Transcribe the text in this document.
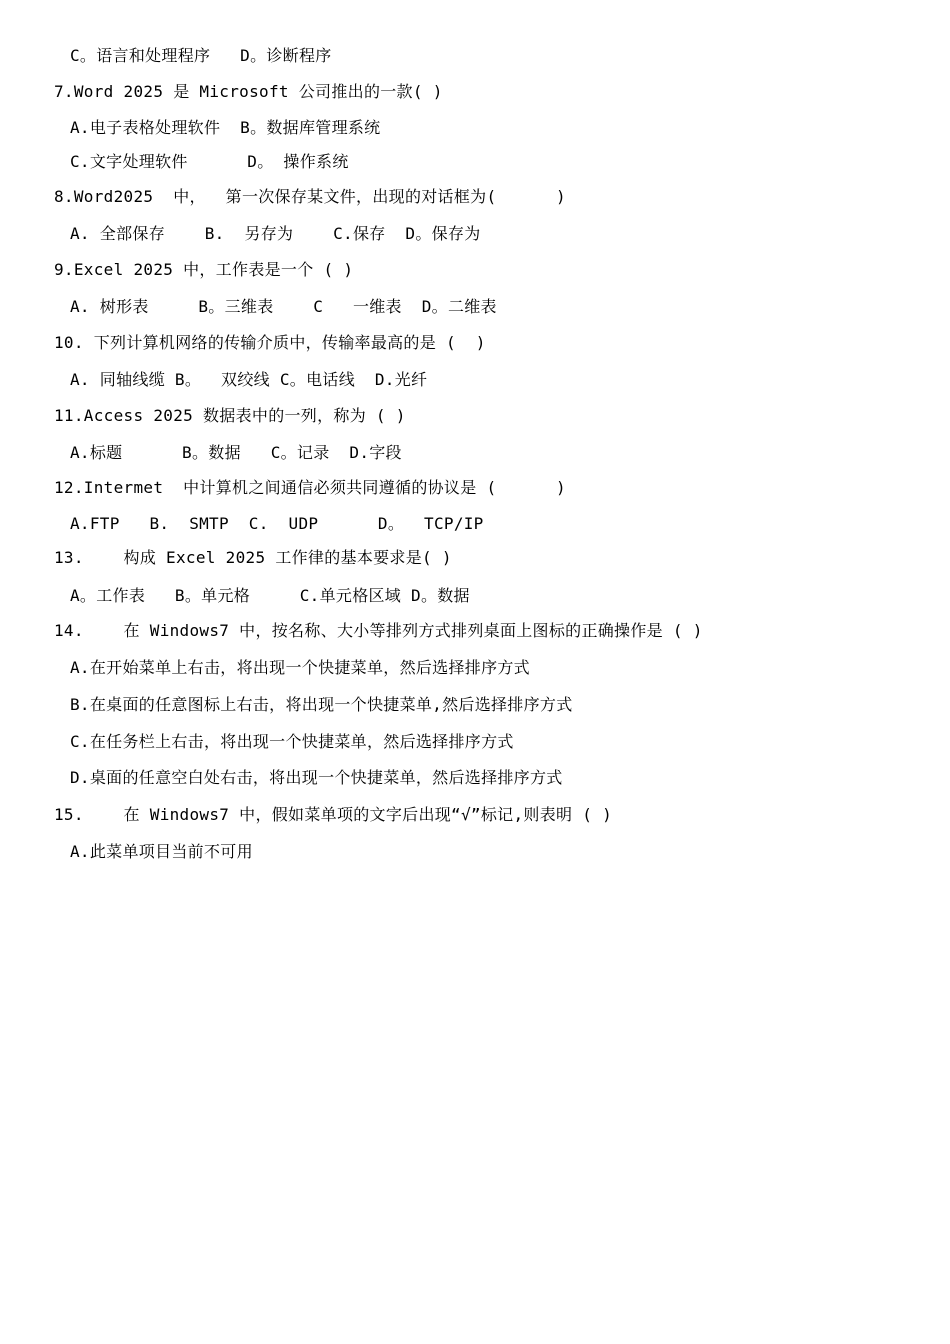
C。语言和处理程序   D。诊断程序
7.Word 2025 是 Microsoft 公司推出的一款( )
A.电子表格处理软件  B。数据库管理系统
C.文字处理软件      D。 操作系统
8.Word2025  中，  第一次保存某文件，出现的对话框为(      )
A. 全部保存    B.  另存为    C.保存  D。保存为
9.Excel 2025 中，工作表是一个 ( )
A. 树形表     B。三维表    C   一维表  D。二维表
10. 下列计算机网络的传输介质中，传输率最高的是 (  )
A. 同轴线缆 B。  双绞线 C。电话线  D.光纤
11.Access 2025 数据表中的一列，称为 ( )
A.标题      B。数据   C。记录  D.字段
12.Intermet  中计算机之间通信必须共同遵循的协议是 (      )
A.FTP   B.  SMTP  C.  UDP      D。  TCP/IP
13.    构成 Excel 2025 工作律的基本要求是( )
A。工作表   B。单元格     C.单元格区域 D。数据
14.    在 Windows7 中，按名称、大小等排列方式排列桌面上图标的正确操作是 ( )
A.在开始菜单上右击，将出现一个快捷菜单，然后选择排序方式
B.在桌面的任意图标上右击，将出现一个快捷菜单,然后选择排序方式
C.在任务栏上右击，将出现一个快捷菜单，然后选择排序方式
D.桌面的任意空白处右击，将出现一个快捷菜单，然后选择排序方式
15.    在 Windows7 中，假如菜单项的文字后出现“√”标记,则表明 ( )
A.此菜单项目当前不可用
